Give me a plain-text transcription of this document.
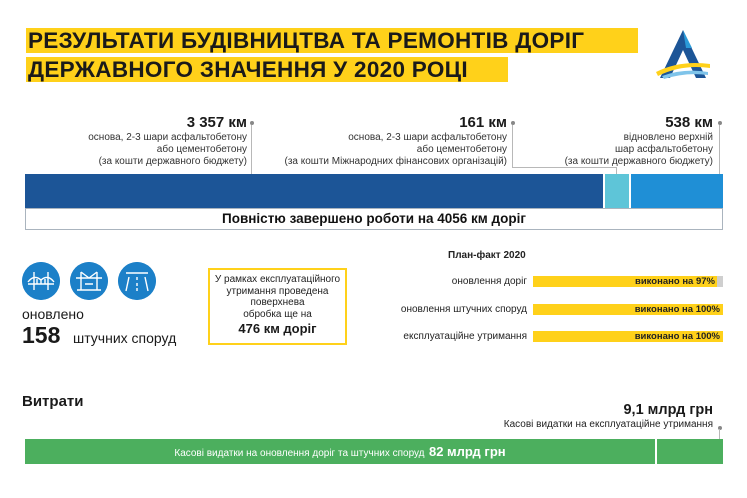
РЕЗУЛЬТАТИ БУДІВНИЦТВА ТА РЕМОНТІВ ДОРІГ
ДЕРЖАВНОГО ЗНАЧЕННЯ У 2020 РОЦІ
3 357 км
основа, 2-3 шари асфальтобетону
або цементобетону
(за кошти державного бюджету)
161 км
основа, 2-3 шари асфальтобетону
або цементобетону
(за кошти Міжнародних фінансових організацій)
538 км
відновлено верхній
шар асфальтобетону
(за кошти державного бюджету)
Повністю завершено роботи на 4056 км доріг
оновлено
158 штучних споруд
У рамках експлуатаційного
утримання проведена
поверхнева
обробка ще на
476 км доріг
План-факт 2020
оновлення доріг	виконано на 97%
оновлення штучних споруд	виконано на 100%
експлуатаційне утримання	виконано на 100%
Витрати	9,1 млрд грн
Касові видатки на експлуатаційне утримання
Касові видатки на оновлення доріг та штучних споруд 82 млрд грн
